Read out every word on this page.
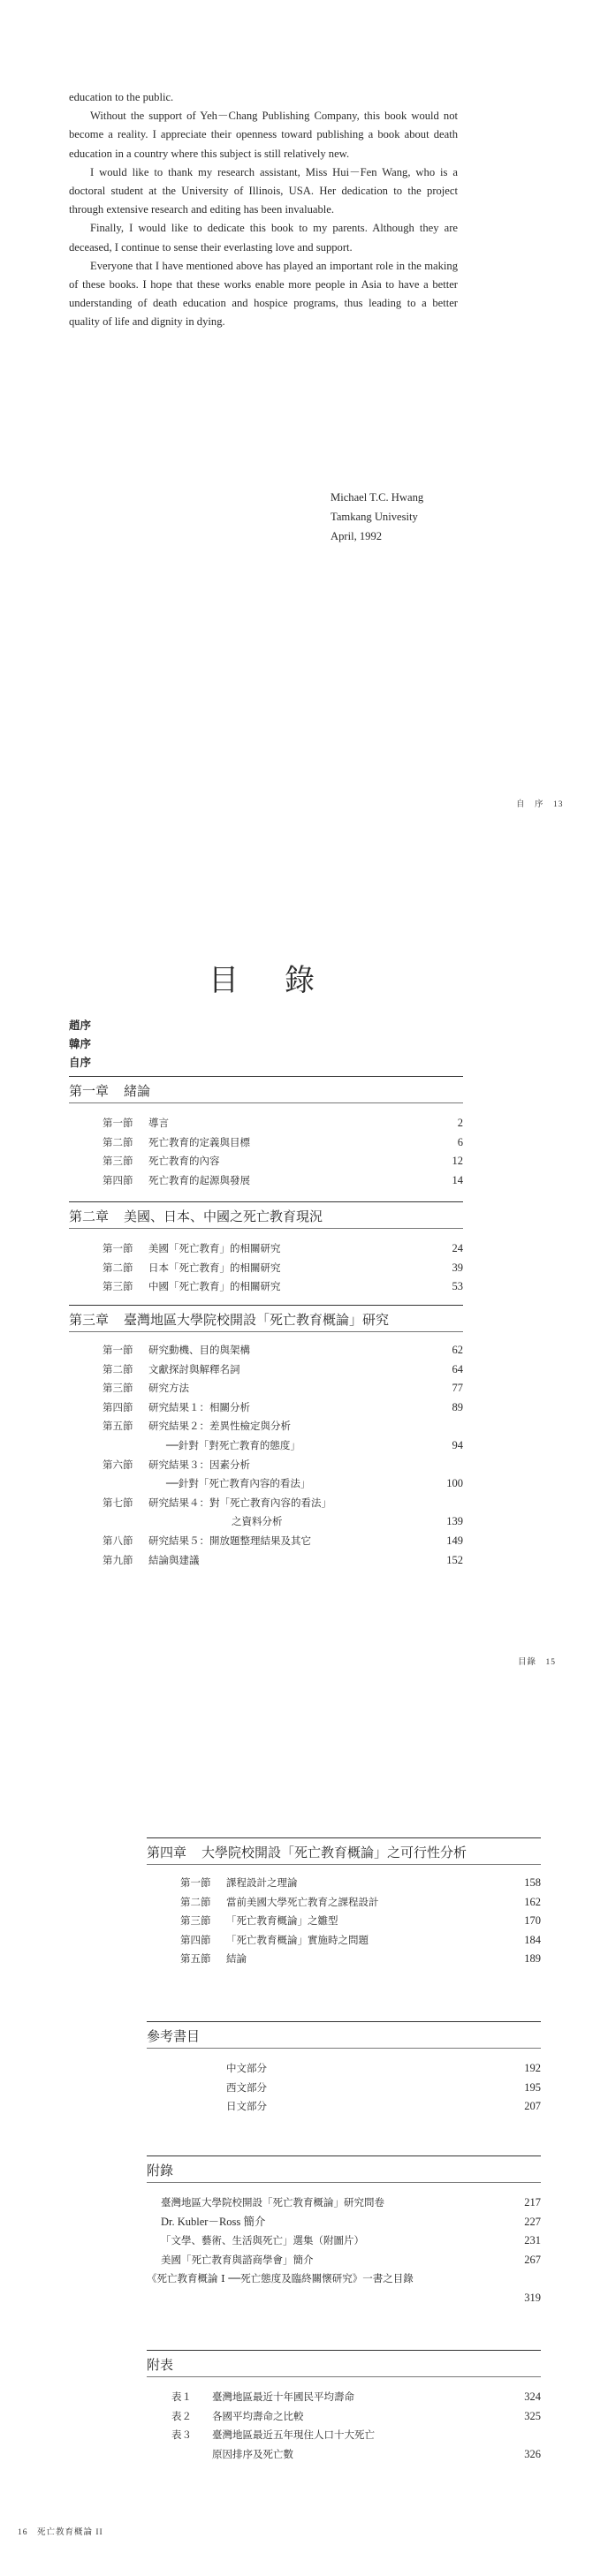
education to the public.

Without the support of Yeh－Chang Publishing Company, this book would not become a reality. I appreciate their openness toward publishing a book about death education in a country where this subject is still relatively new.

I would like to thank my research assistant, Miss Hui－Fen Wang, who is a doctoral student at the University of Illinois, USA. Her dedication to the project through extensive research and editing has been invaluable.

Finally, I would like to dedicate this book to my parents. Although they are deceased, I continue to sense their everlasting love and support.

Everyone that I have mentioned above has played an important role in the making of these books. I hope that these works enable more people in Asia to have a better understanding of death education and hospice programs, thus leading to a better quality of life and dignity in dying.

Michael T.C. Hwang
Tamkang Univesity
April, 1992
自　序　13
目錄
趙序
韓序
自序
第一章	緒論
第一節	導言	2
第二節	死亡教育的定義與目標	6
第三節	死亡教育的內容	12
第四節	死亡教育的起源與發展	14
第二章	美國、日本、中國之死亡教育現況
第一節	美國「死亡教育」的相關研究	24
第二節	日本「死亡教育」的相關研究	39
第三節	中國「死亡教育」的相關研究	53
第三章	臺灣地區大學院校開設「死亡教育概論」研究
第一節	研究動機、目的與架構	62
第二節	文獻探討與解釋名詞	64
第三節	研究方法	77
第四節	研究結果１：相關分析	89
第五節	研究結果２：差異性檢定與分析
──針對「對死亡教育的態度」	94
第六節	研究結果３：因素分析
──針對「死亡教育內容的看法」	100
第七節	研究結果４：對「死亡教育內容的看法」
之資料分析	139
第八節	研究結果５：開放題整理結果及其它	149
第九節	結論與建議	152
目錄　15
第四章	大學院校開設「死亡教育概論」之可行性分析
第一節	課程設計之理論	158
第二節	當前美國大學死亡教育之課程設計	162
第三節	「死亡教育概論」之雛型	170
第四節	「死亡教育概論」實施時之問題	184
第五節	結論	189
參考書目
中文部分	192
西文部分	195
日文部分	207
附錄
臺灣地區大學院校開設「死亡教育概論」研究問卷	217
Dr. Kubler－Ross 簡介	227
「文學、藝術、生活與死亡」選集（附圖片）	231
美國「死亡教育與諮商學會」簡介	267
《死亡教育概論 I ──死亡態度及臨終關懷研究》一書之目錄
319
附表
表１	臺灣地區最近十年國民平均壽命	324
表２	各國平均壽命之比較	325
表３	臺灣地區最近五年現住人口十大死亡
原因排序及死亡數	326
16　死亡教育概論 II
